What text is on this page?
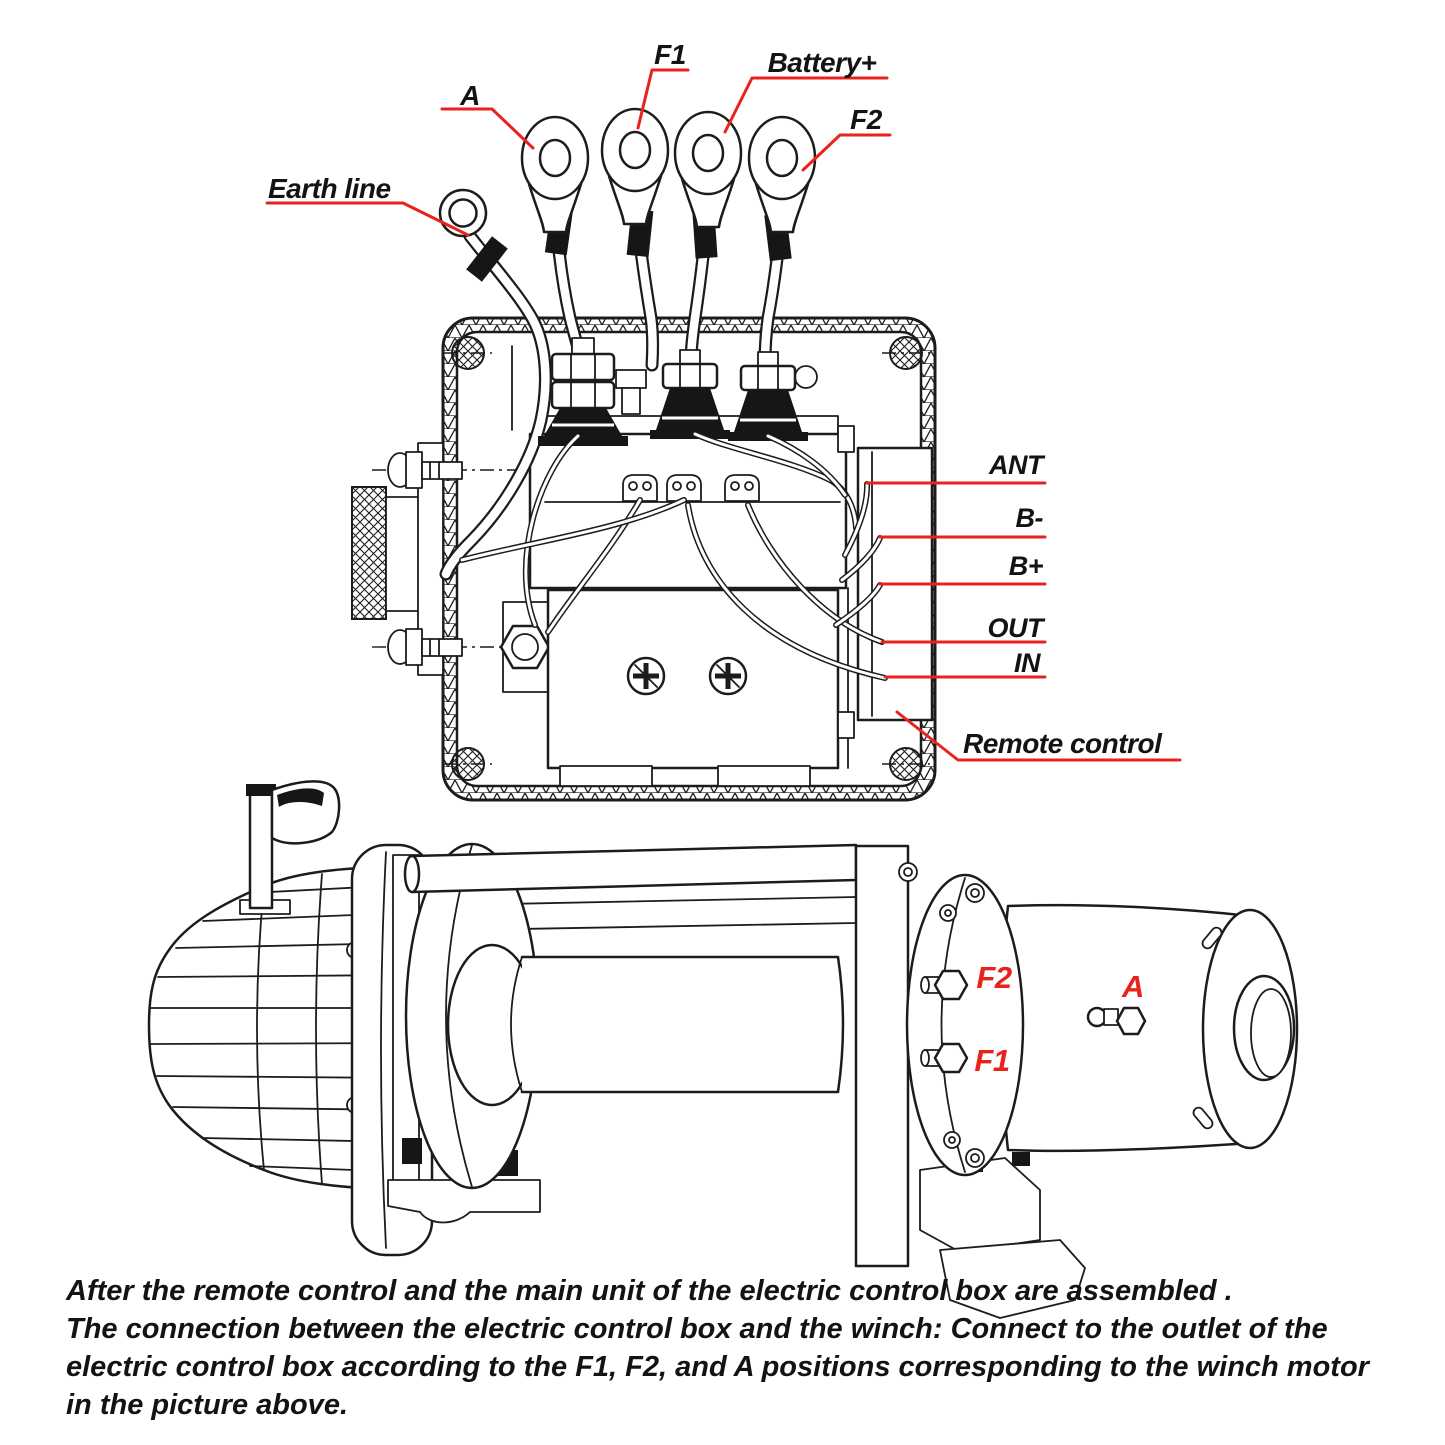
A
F1	Battery+
F2
Earth line
ANT
B-
B+
OUT
IN
Remote control
F2	A
F1

After the remote control and the main unit of the electric control box are assembled .

The connection between the electric control box and the winch: Connect to the outlet of the

electric control box according to the F1, F2, and A positions corresponding to the winch motor

in the picture above.
